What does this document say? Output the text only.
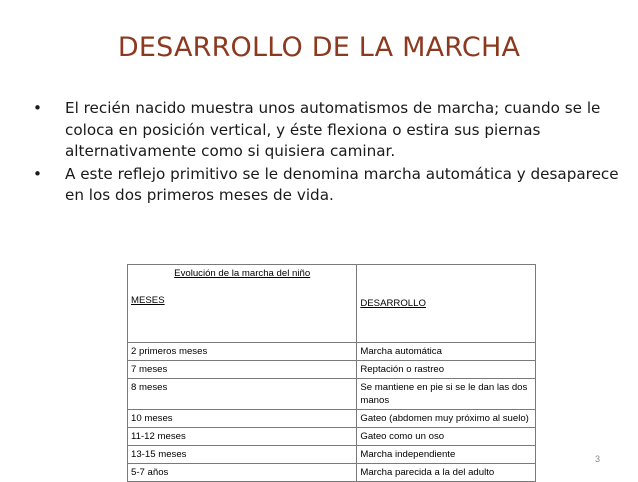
DESARROLLO DE LA MARCHA
•	El recién nacido muestra unos automatismos de marcha; cuando se le coloca en posición vertical, y éste flexiona o estira sus piernas alternativamente como si quisiera caminar.
•	A este reflejo primitivo se le denomina marcha automática y desaparece en los dos primeros meses de vida.
Evolución de la marcha del niño
MESES	DESARROLLO

2 primeros meses	Marcha automática
7 meses	Reptación o rastreo
8 meses	Se mantiene en pie si se le dan las dos manos
10 meses	Gateo (abdomen muy próximo al suelo)
11-12 meses	Gateo como un oso
13-15 meses	Marcha independiente
5-7 años	Marcha parecida a la del adulto
3
